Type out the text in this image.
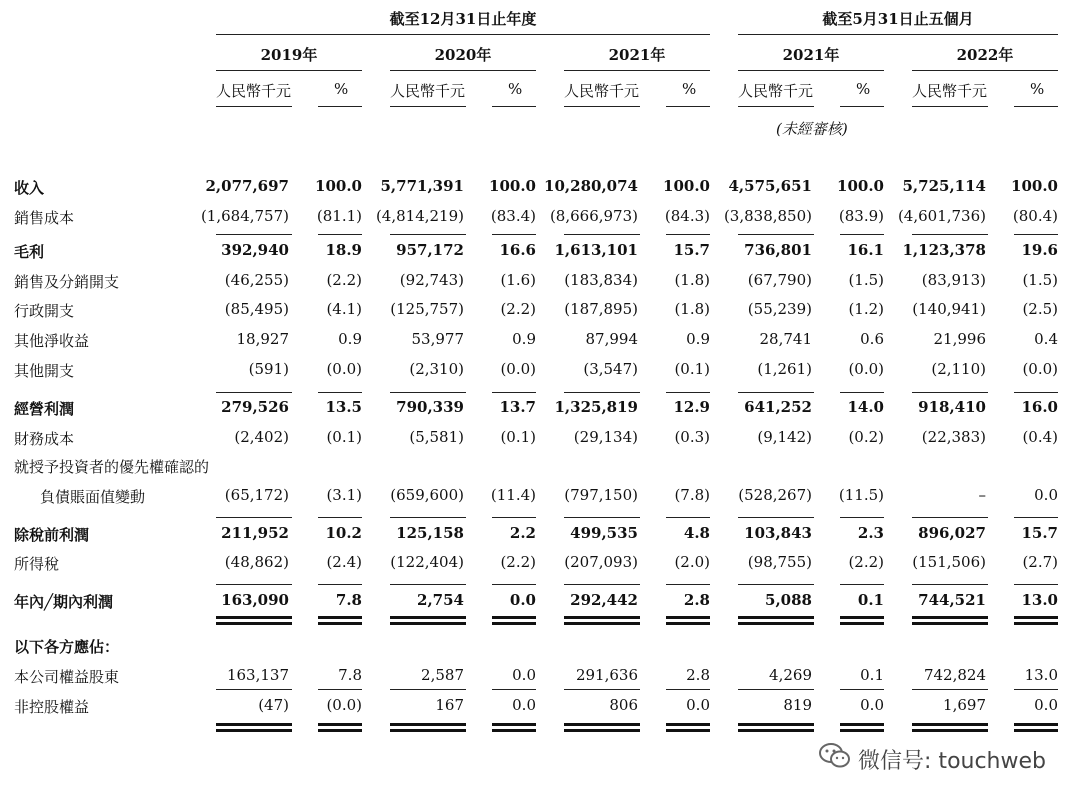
截至12月31日止年度	截至5月31日止五個月
2019年	2020年	2021年	2021年	2022年
人民幣千元	%	人民幣千元	%	人民幣千元	%	人民幣千元	%	人民幣千元	%
(未經審核)
收入	2,077,697 100.0 5,771,391 100.0 10,280,074 100.0 4,575,651 100.0 5,725,114 100.0
銷售成本	(1,684,757) (81.1) (4,814,219) (83.4) (8,666,973) (84.3) (3,838,850) (83.9) (4,601,736) (80.4)
毛利	392,940 18.9 957,172 16.6 1,613,101 15.7 736,801 16.1 1,123,378 19.6
銷售及分銷開支	(46,255) (2.2)	(92,743) (1.6) (183,834) (1.8)	(67,790) (1.5)	(83,913) (1.5)
行政開支	(85,495) (4.1) (125,757) (2.2) (187,895) (1.8)	(55,239) (1.2) (140,941) (2.5)
其他淨收益	18,927	0.9	53,977	0.9	87,994	0.9	28,741	0.6	21,996	0.4
其他開支	(591) (0.0)	(2,310) (0.0)	(3,547) (0.1)	(1,261) (0.0)	(2,110) (0.0)
經營利潤	279,526 13.5 790,339 13.7 1,325,819 12.9 641,252 14.0 918,410 16.0
財務成本	(2,402) (0.1)	(5,581) (0.1)	(29,134) (0.3)	(9,142) (0.2)	(22,383) (0.4)
就授予投資者的優先權確認的
負債賬面值變動	(65,172) (3.1) (659,600) (11.4) (797,150) (7.8) (528,267) (11.5)	–	0.0
除稅前利潤	211,952 10.2 125,158	2.2 499,535	4.8 103,843	2.3 896,027 15.7
所得稅	(48,862) (2.4) (122,404) (2.2) (207,093) (2.0)	(98,755) (2.2) (151,506) (2.7)
年內╱期內利潤	163,090	7.8	2,754	0.0 292,442	2.8	5,088	0.1 744,521 13.0
以下各方應佔：
本公司權益股東	163,137	7.8	2,587	0.0	291,636	2.8	4,269	0.1	742,824	13.0
非控股權益	(47) (0.0)	167	0.0	806	0.0	819	0.0	1,697	0.0
微信号: touchweb
